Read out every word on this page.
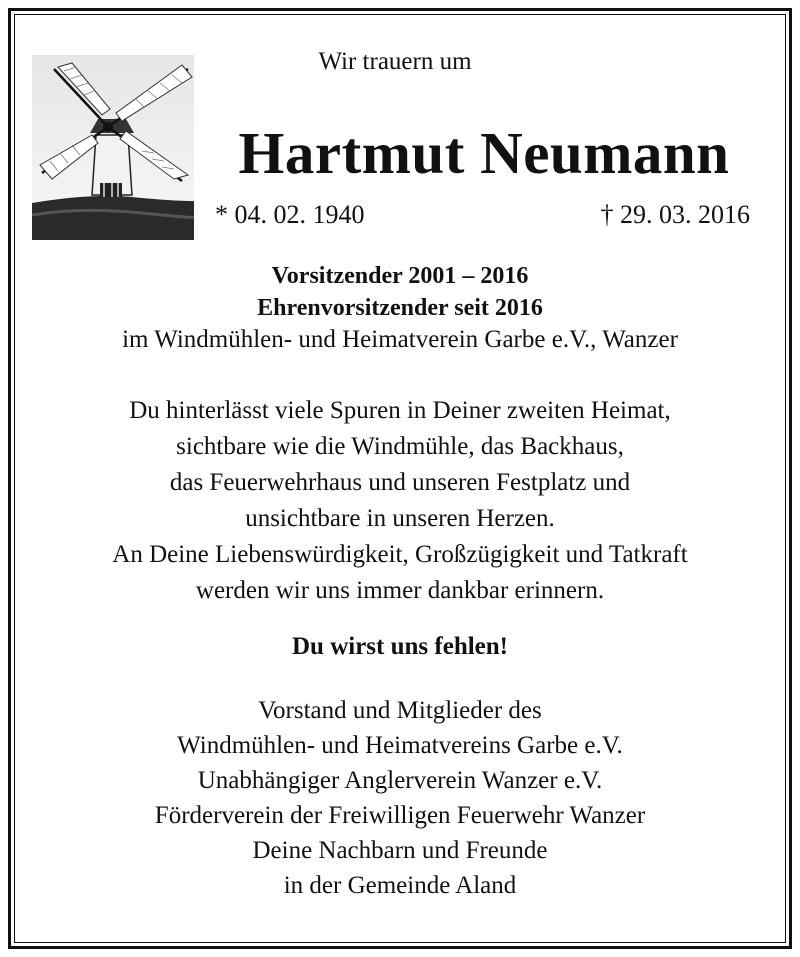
Wir trauern um
Hartmut Neumann
* 04. 02. 1940	† 29. 03. 2016
Vorsitzender 2001 – 2016
Ehrenvorsitzender seit 2016
im Windmühlen- und Heimatverein Garbe e.V., Wanzer
Du hinterlässt viele Spuren in Deiner zweiten Heimat,
sichtbare wie die Windmühle, das Backhaus,
das Feuerwehrhaus und unseren Festplatz und
unsichtbare in unseren Herzen.
An Deine Liebenswürdigkeit, Großzügigkeit und Tatkraft
werden wir uns immer dankbar erinnern.
Du wirst uns fehlen!
Vorstand und Mitglieder des
Windmühlen- und Heimatvereins Garbe e.V.
Unabhängiger Anglerverein Wanzer e.V.
Förderverein der Freiwilligen Feuerwehr Wanzer
Deine Nachbarn und Freunde
in der Gemeinde Aland
